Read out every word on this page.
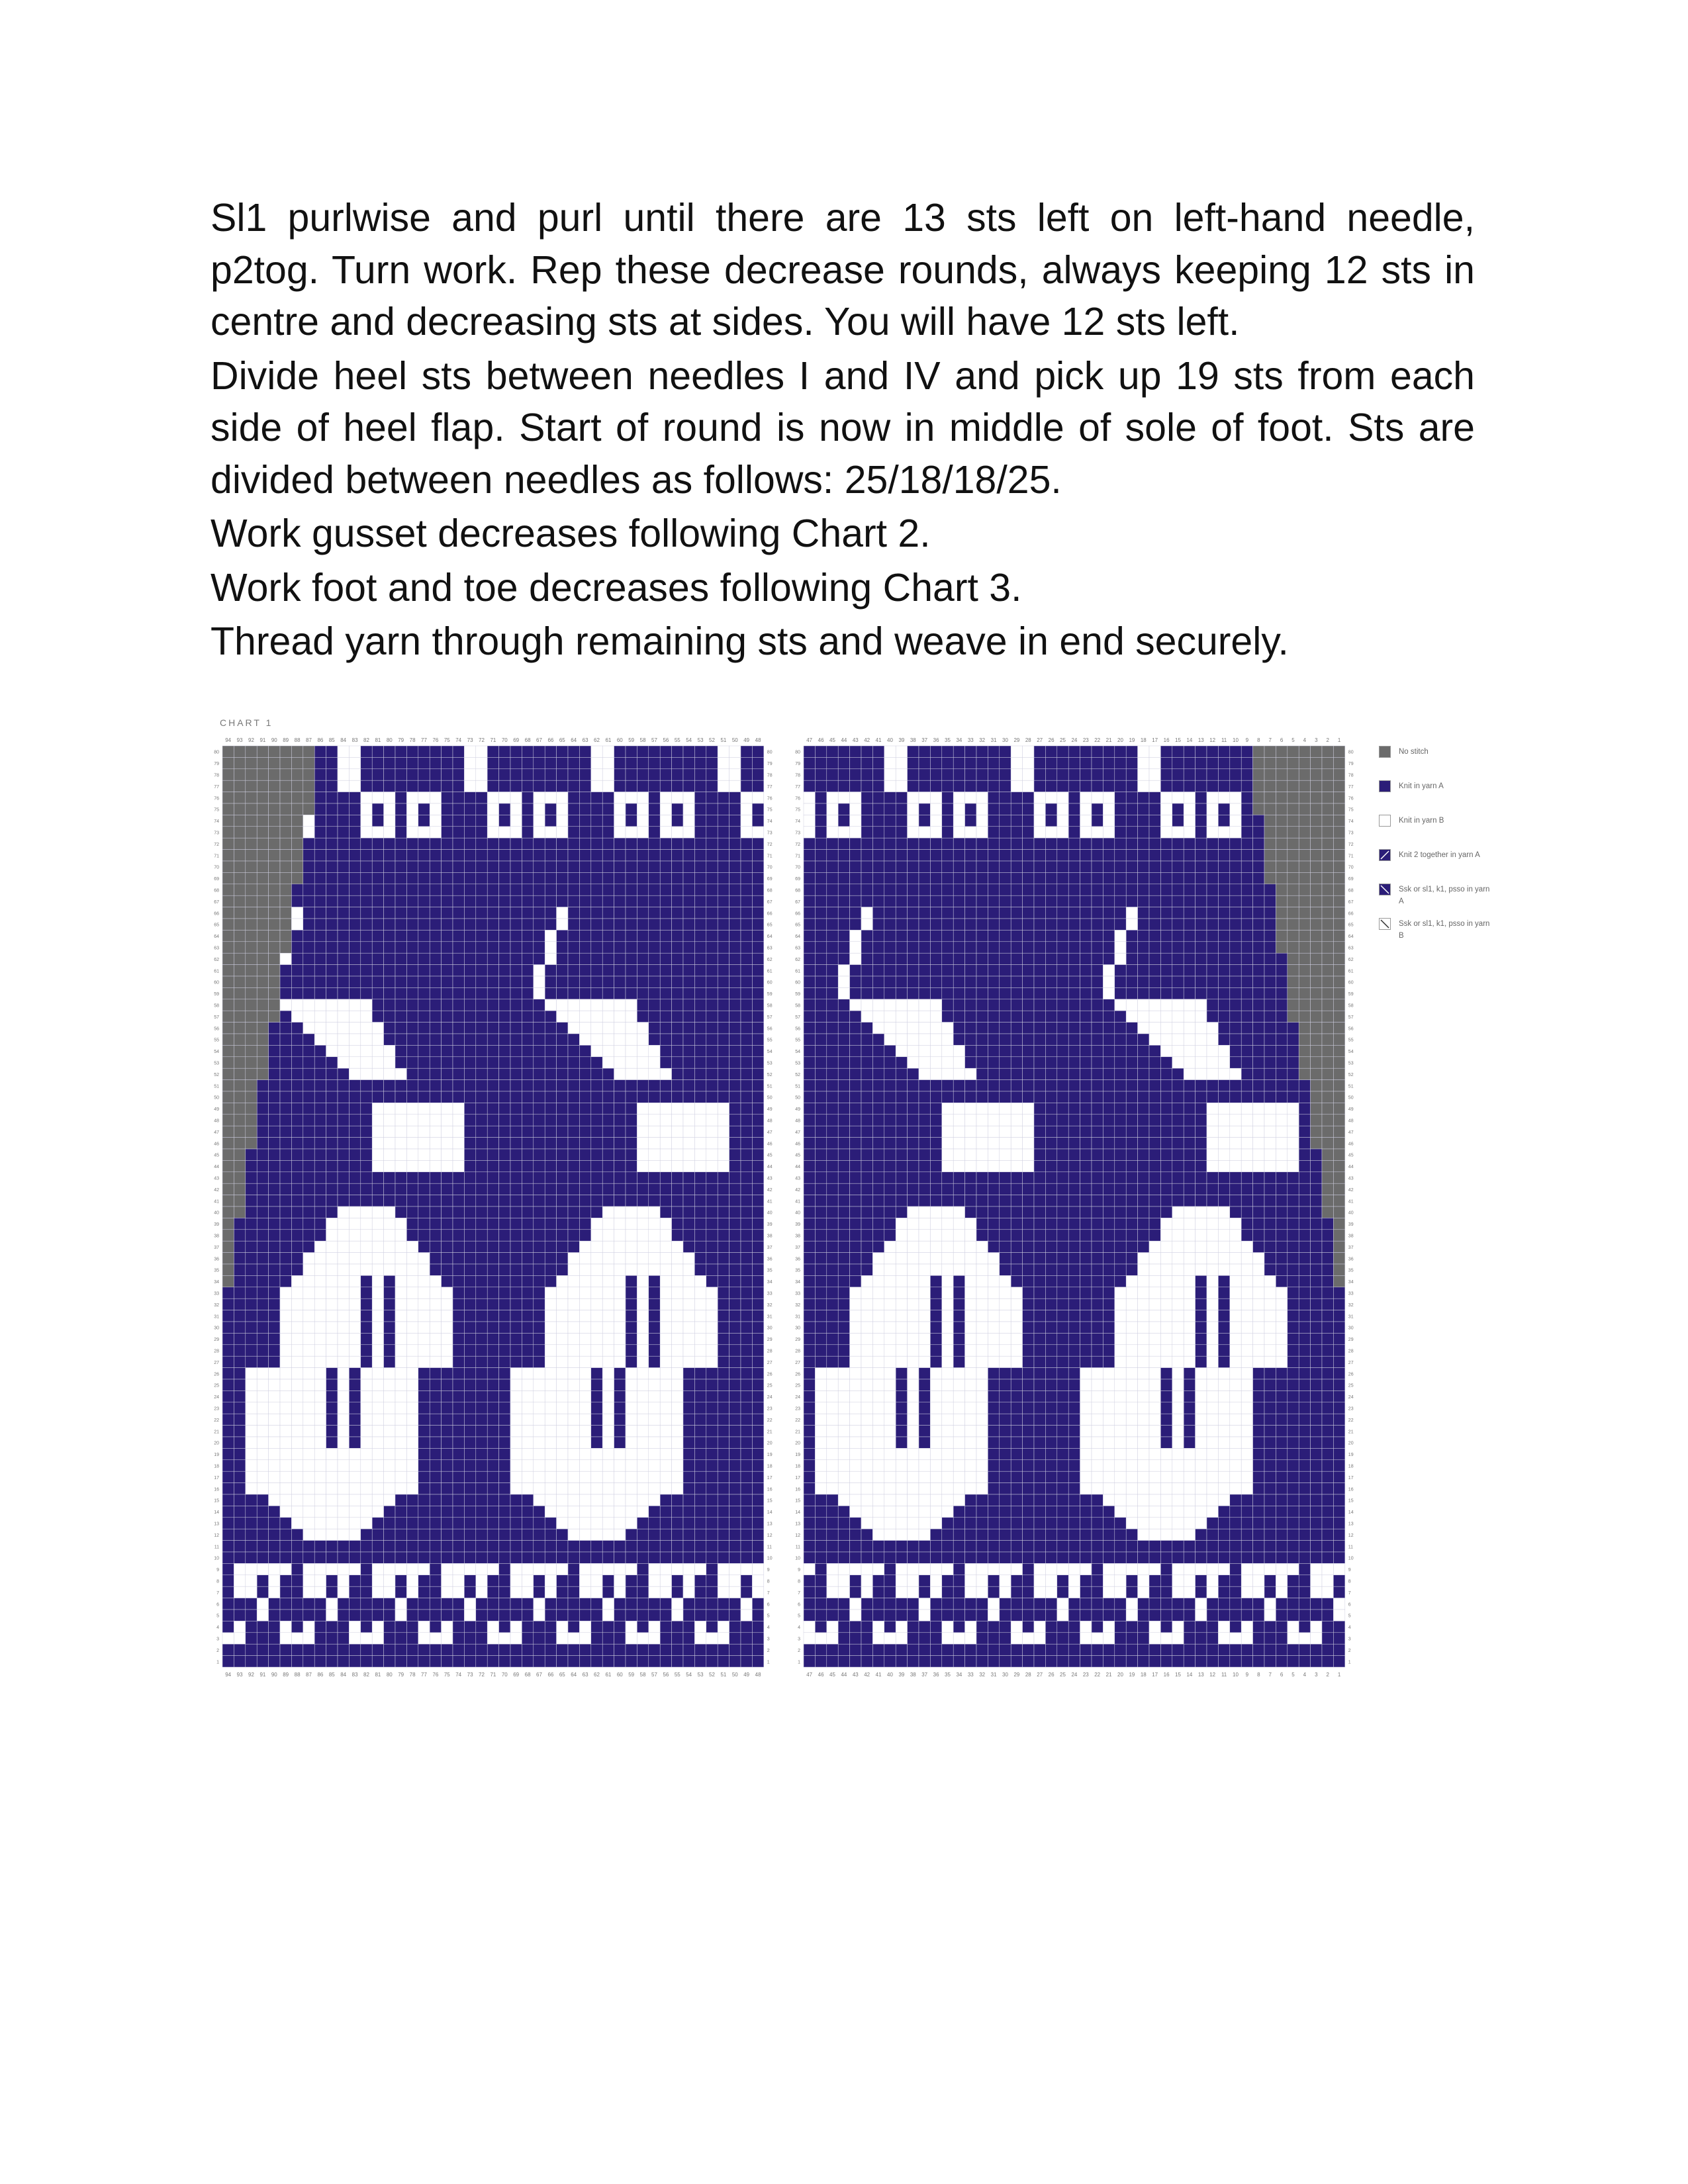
Sl1 purlwise and purl until there are 13 sts left on left-hand needle, p2tog. Turn work. Rep these decrease rounds, always keeping 12 sts in centre and decreasing sts at sides. You will have 12 sts left.

Divide heel sts between needles I and IV and pick up 19 sts from each side of heel flap. Start of round is now in middle of sole of foot. Sts are divided between needles as follows: 25/18/18/25.

Work gusset decreases following Chart 2.

Work foot and toe decreases following Chart 3.

Thread yarn through remaining sts and weave in end securely.

CHART 1
94
94
93
93
92
92
91
91
90
90
89
89
88
88
87
87
86
86
85
85
84
84
83
83
82
82
81
81
80
80
79
79
78
78
77
77
76
76
75
75
74
74
73
73
72
72
71
71
70
70
69
69
68
68
67
67
66
66
65
65
64
64
63
63
62
62
61
61
60
60
59
59
58
58
57
57
56
56
55
55
54
54
53
53
52
52
51
51
50
50
49
49
48
48
80	80
79	79
78	78
77	77
76	76
75	75
74	74
73	73
72	72
71	71
70	70
69	69
68	68
67	67
66	66
65	65
64	64
63	63
62	62
61	61
60	60
59	59
58	58
57	57
56	56
55	55
54	54
53	53
52	52
51	51
50	50
49	49
48	48
47	47
46	46
45	45
44	44
43	43
42	42
41	41
40	40
39	39
38	38
37	37
36	36
35	35
34	34
33	33
32	32
31	31
30	30
29	29
28	28
27	27
26	26
25	25
24	24
23	23
22	22
21	21
20	20
19	19
18	18
17	17
16	16
15	15
14	14
13	13
12	12
11	11
10	10
9	9
8	8
7	7
6	6
5	5
4	4
3	3
2	2
1	1
47
47
46
46
45
45
44
44
43
43
42
42
41
41
40
40
39
39
38
38
37
37
36
36
35
35
34
34
33
33
32
32
31
31
30
30
29
29
28
28
27
27
26
26
25
25
24
24
23
23
22
22
21
21
20
20
19
19
18
18
17
17
16
16
15
15
14
14
13
13
12
12
11
11
10
10
9
9
8
8
7
7
6
6
5
5
4
4
3
3
2
2
1
1
80	80
79	79
78	78
77	77
76	76
75	75
74	74
73	73
72	72
71	71
70	70
69	69
68	68
67	67
66	66
65	65
64	64
63	63
62	62
61	61
60	60
59	59
58	58
57	57
56	56
55	55
54	54
53	53
52	52
51	51
50	50
49	49
48	48
47	47
46	46
45	45
44	44
43	43
42	42
41	41
40	40
39	39
38	38
37	37
36	36
35	35
34	34
33	33
32	32
31	31
30	30
29	29
28	28
27	27
26	26
25	25
24	24
23	23
22	22
21	21
20	20
19	19
18	18
17	17
16	16
15	15
14	14
13	13
12	12
11	11
10	10
9	9
8	8
7	7
6	6
5	5
4	4
3	3
2	2
1	1
No stitch
Knit in yarn A
Knit in yarn B
Knit 2 together in yarn A
Ssk or sl1, k1, psso in yarn A
Ssk or sl1, k1, psso in yarn B
